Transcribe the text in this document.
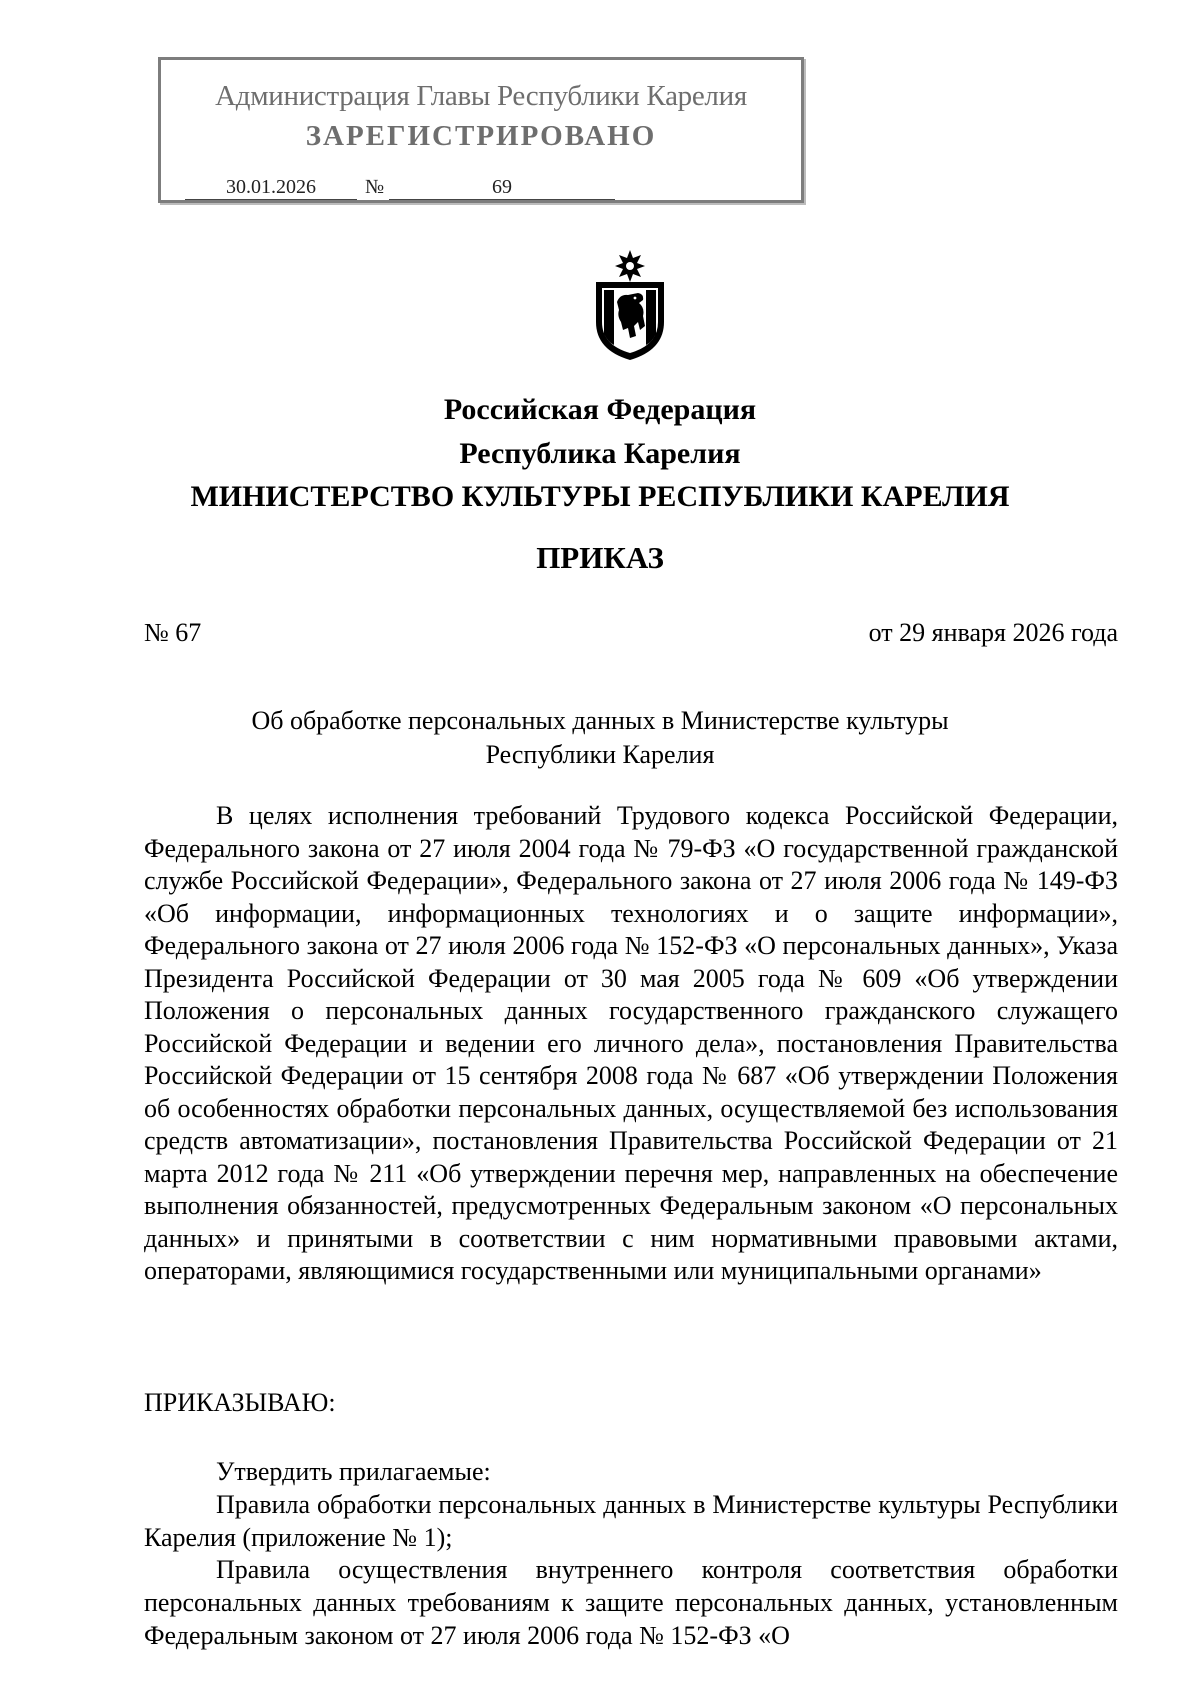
Администрация Главы Республики Карелия
ЗАРЕГИСТРИРОВАНО
30.01.2026	№	69
Российская Федерация
Республика Карелия
МИНИСТЕРСТВО КУЛЬТУРЫ РЕСПУБЛИКИ КАРЕЛИЯ
ПРИКАЗ
№ 67	от 29 января 2026 года
Об обработке персональных данных в Министерстве культуры
Республики Карелия
В целях исполнения требований Трудового кодекса Российской Федерации, Федерального закона от 27 июля 2004 года № 79-ФЗ «О государственной гражданской службе Российской Федерации», Федерального закона от 27 июля 2006 года № 149-ФЗ «Об информации, информационных технологиях и о защите информации», Федерального закона от 27 июля 2006 года № 152-ФЗ «О персональных данных», Указа Президента Российской Федерации от 30 мая 2005 года № 609 «Об утверждении Положения о персональных данных государственного гражданского служащего Российской Федерации и ведении его личного дела», постановления Правительства Российской Федерации от 15 сентября 2008 года № 687 «Об утверждении Положения об особенностях обработки персональных данных, осуществляемой без использования средств автоматизации», постановления Правительства Российской Федерации от 21 марта 2012 года № 211 «Об утверждении перечня мер, направленных на обеспечение выполнения обязанностей, предусмотренных Федеральным законом «О персональных данных» и принятыми в соответствии с ним нормативными правовыми актами, операторами, являющимися государственными или муниципальными органами»
ПРИКАЗЫВАЮ:

Утвердить прилагаемые:

Правила обработки персональных данных в Министерстве культуры Республики Карелия (приложение № 1);

Правила осуществления внутреннего контроля соответствия обработки персональных данных требованиям к защите персональных данных, установленным Федеральным законом от 27 июля 2006 года № 152-ФЗ «О
